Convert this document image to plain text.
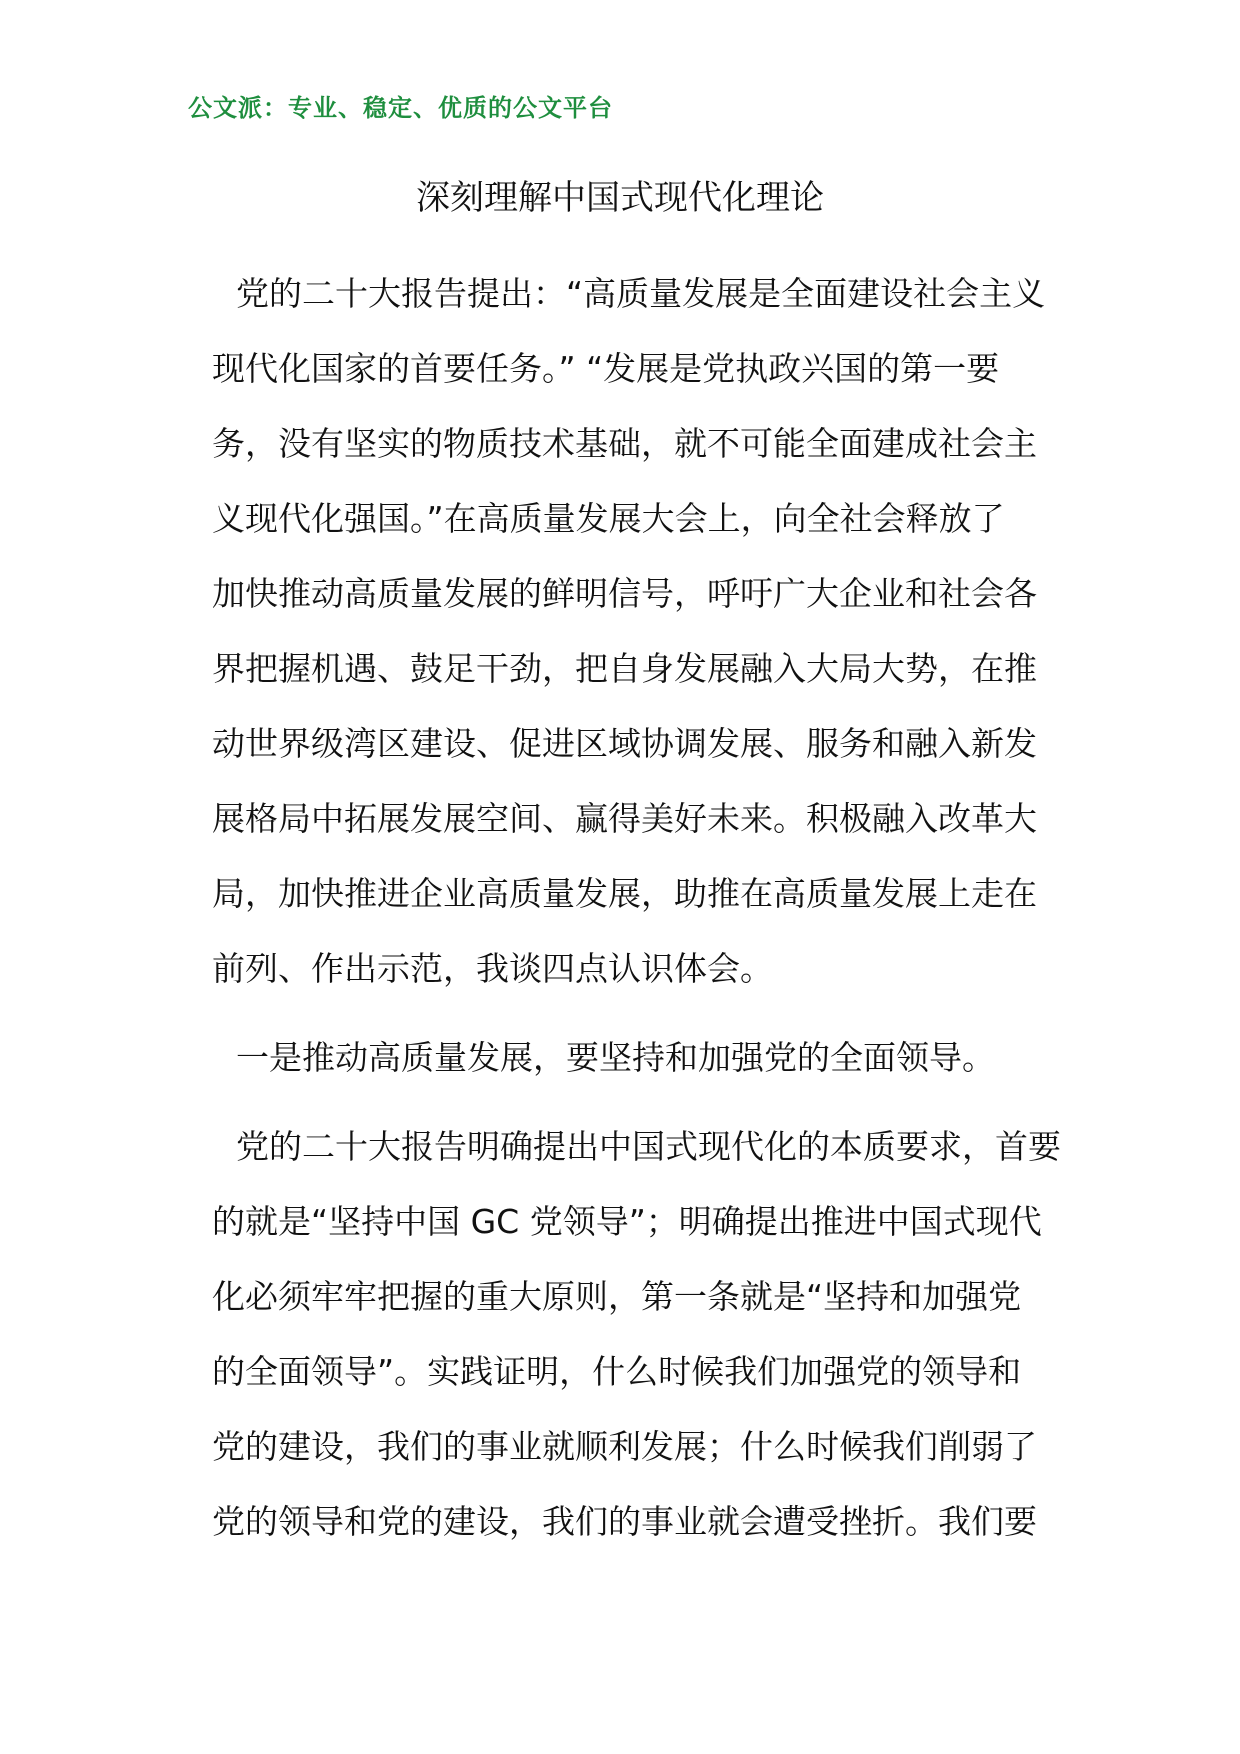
公文派：专业、稳定、优质的公文平台
深刻理解中国式现代化理论
党的二十大报告提出：“高质量发展是全面建设社会主义
现代化国家的首要任务。” “发展是党执政兴国的第一要
务，没有坚实的物质技术基础，就不可能全面建成社会主
义现代化强国。”在高质量发展大会上，向全社会释放了
加快推动高质量发展的鲜明信号，呼吁广大企业和社会各
界把握机遇、鼓足干劲，把自身发展融入大局大势，在推
动世界级湾区建设、促进区域协调发展、服务和融入新发
展格局中拓展发展空间、赢得美好未来。积极融入改革大
局，加快推进企业高质量发展，助推在高质量发展上走在
前列、作出示范，我谈四点认识体会。
一是推动高质量发展，要坚持和加强党的全面领导。
党的二十大报告明确提出中国式现代化的本质要求，首要
的就是“坚持中国 GC 党领导”；明确提出推进中国式现代
化必须牢牢把握的重大原则，第一条就是“坚持和加强党
的全面领导”。实践证明，什么时候我们加强党的领导和
党的建设，我们的事业就顺利发展；什么时候我们削弱了
党的领导和党的建设，我们的事业就会遭受挫折。我们要
